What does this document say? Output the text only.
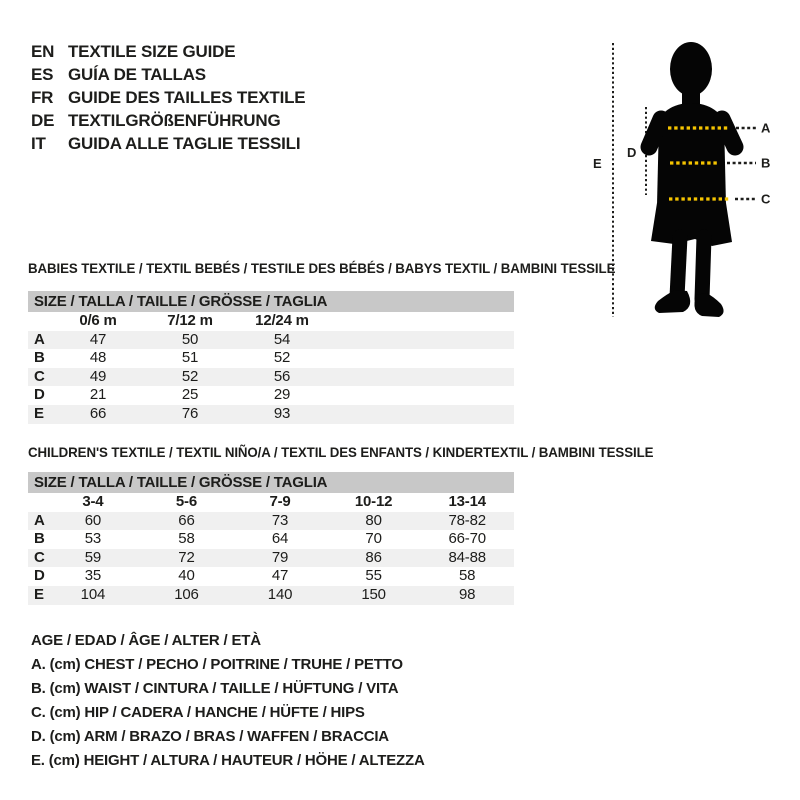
EN TEXTILE SIZE GUIDE
ES GUÍA DE TALLAS
FR GUIDE DES TAILLES TEXTILE
DE TEXTILGRÖßENFÜHRUNG
IT	GUIDA ALLE TAGLIE TESSILI
A
B
C
D
E
BABIES TEXTILE / TEXTIL BEBÉS / TESTILE DES BÉBÉS / BABYS TEXTIL / BAMBINI TESSILE
SIZE / TALLA / TAILLE / GRÖSSE / TAGLIA
	0/6 m	7/12 m	12/24 m	
A	47	50	54	
B	48	51	52	
C	49	52	56	
D	21	25	29	
E	66	76	93	
CHILDREN'S TEXTILE / TEXTIL NIÑO/A / TEXTIL DES ENFANTS / KINDERTEXTIL / BAMBINI TESSILE
SIZE / TALLA / TAILLE / GRÖSSE / TAGLIA
	3-4	5-6	7-9	10-12	13-14
A	60	66	73	80	78-82
B	53	58	64	70	66-70
C	59	72	79	86	84-88
D	35	40	47	55	58
E	104	106	140	150	98
AGE / EDAD / ÂGE / ALTER / ETÀ
A. (cm) CHEST / PECHO / POITRINE / TRUHE / PETTO
B. (cm) WAIST / CINTURA / TAILLE / HÜFTUNG / VITA
C. (cm) HIP / CADERA / HANCHE / HÜFTE / HIPS
D. (cm) ARM / BRAZO / BRAS / WAFFEN / BRACCIA
E. (cm) HEIGHT / ALTURA / HAUTEUR / HÖHE / ALTEZZA
